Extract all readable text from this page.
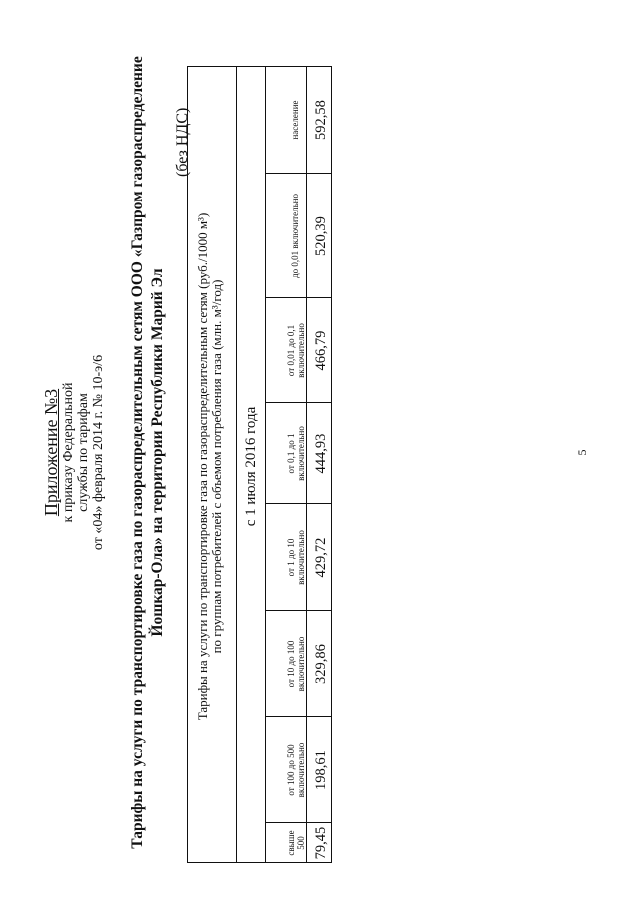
Приложение №3 к приказу Федеральной службы по тарифам от «04» февраля 2014 г. № 10-э/6 Тарифы на услуги по транспортировке газа по газораспределительным сетям ООО «Газпром газораспределение Йошкар-Ола» на территории Республики Марий Эл
(без НДС)
Тарифы на услуги по транспортировке газа по газораспределительным сетям (руб./1000 м³) по группам потребителей с объемом потребления газа (млн. м³/год) с 1 июля 2016 года
свыше 500
от 100 до 500 включительно
от 10 до 100 включительно
от 1 до 10 включительно
от 0,1 до 1 включительно
от 0,01 до 0,1 включительно
до 0,01 включительно
население
79,45
198,61
329,86
429,72
444,93
466,79
520,39
592,58
5
